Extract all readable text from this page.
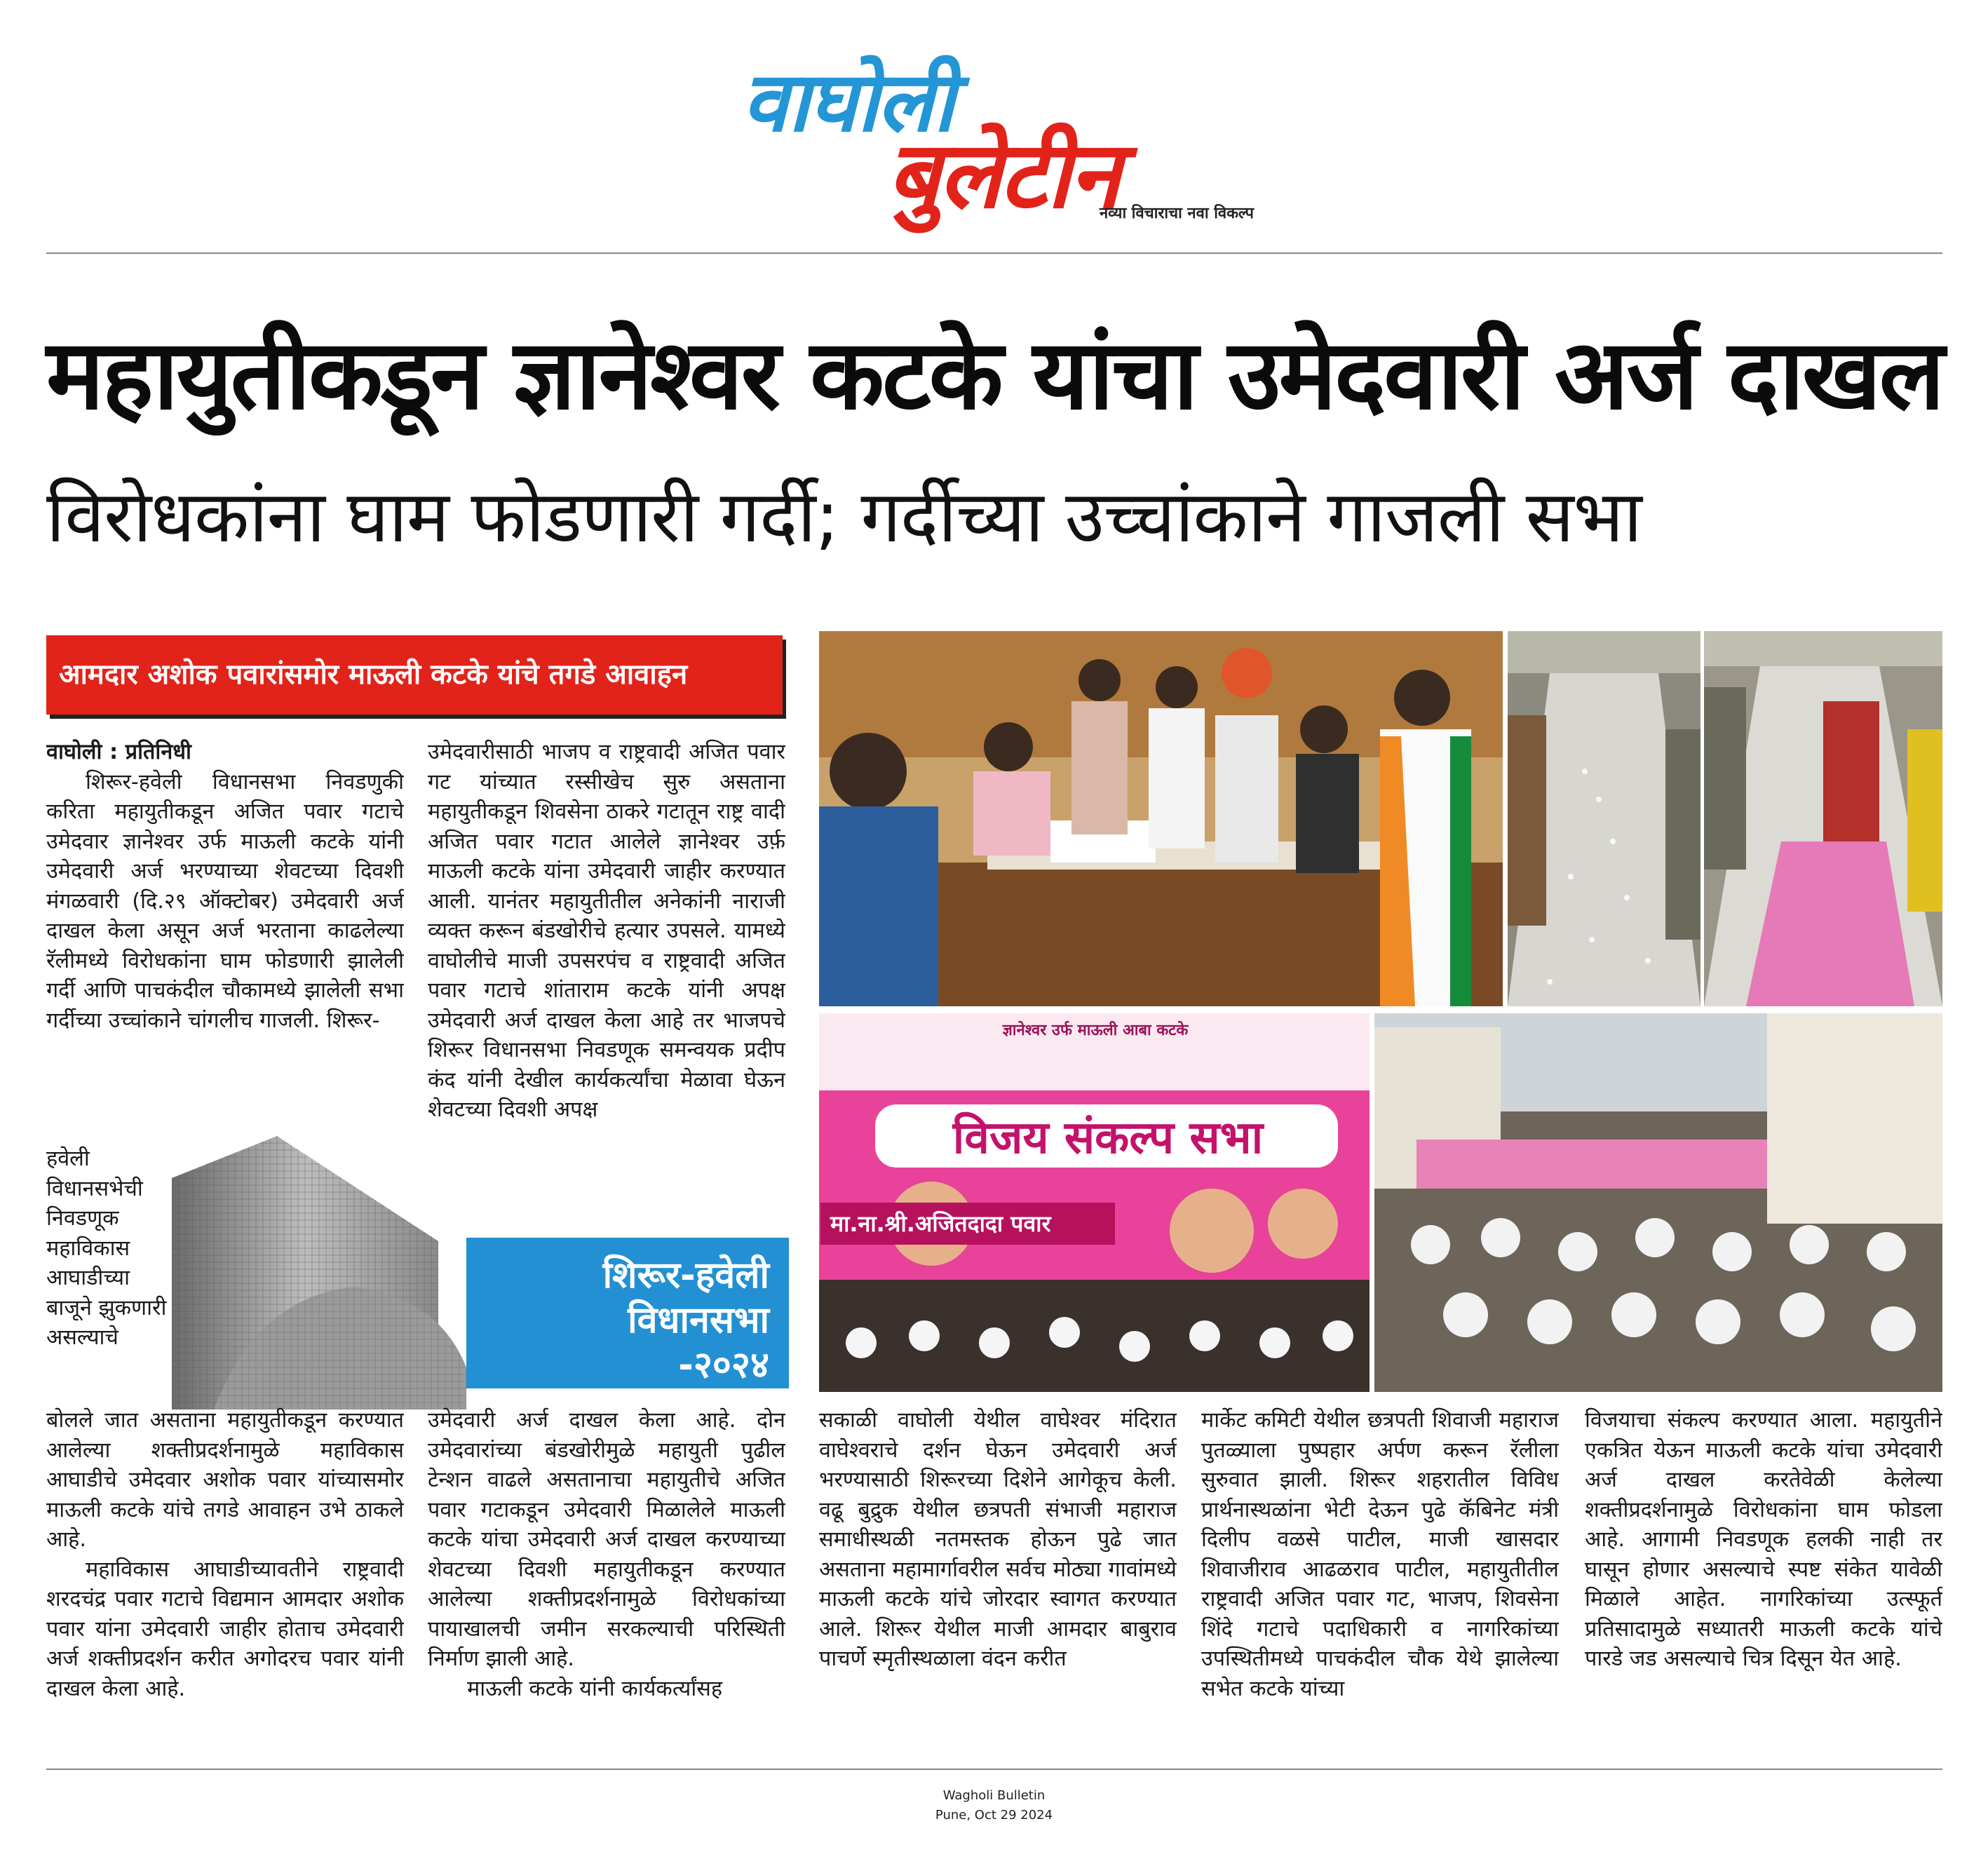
वाघोली
बुलेटीन
नव्या विचाराचा नवा विकल्प
महायुतीकडून ज्ञानेश्वर कटके यांचा उमेदवारी अर्ज दाखल
विरोधकांना घाम फोडणारी गर्दी; गर्दीच्या उच्चांकाने गाजली सभा
आमदार अशोक पवारांसमोर माऊली कटके यांचे तगडे आवाहन
वाघोली : प्रतिनिधी

शिरूर-हवेली विधानसभा निवडणुकी करिता महायुतीकडून अजित पवार गटाचे उमेदवार ज्ञानेश्वर उर्फ माऊली कटके यांनी उमेदवारी अर्ज भरण्याच्या शेवटच्या दिवशी मंगळवारी (दि.२९ ऑक्टोबर) उमेदवारी अर्ज दाखल केला असून अर्ज भरताना काढलेल्या रॅलीमध्ये विरोधकांना घाम फोडणारी झालेली गर्दी आणि पाचकंदील चौकामध्ये झालेली सभा गर्दीच्या उच्चांकाने चांगलीच गाजली. शिरूर-

हवेली विधानसभेची निवडणूक महाविकास आघाडीच्या बाजूने झुकणारी असल्याचे

उमेदवारीसाठी भाजप व राष्ट्रवादी अजित पवार गट यांच्यात रस्सीखेच सुरु असताना महायुतीकडून शिवसेना ठाकरे गटातून राष्ट्र वादी अजित पवार गटात आलेले ज्ञानेश्वर उर्फ़ माऊली कटके यांना उमेदवारी जाहीर करण्यात आली. यानंतर महायुतीतील अनेकांनी नाराजी व्यक्त करून बंडखोरीचे हत्यार उपसले. यामध्ये वाघोलीचे माजी उपसरपंच व राष्ट्रवादी अजित पवार गटाचे शांताराम कटके यांनी अपक्ष उमेदवारी अर्ज दाखल केला आहे तर भाजपचे शिरूर विधानसभा निवडणूक समन्वयक प्रदीप कंद यांनी देखील कार्यकर्त्यांचा मेळावा घेऊन शेवटच्या दिवशी अपक्ष

शिरूर-हवेली
विधानसभा
-२०२४
ज्ञानेश्वर उर्फ माऊली आबा कटके
विजय संकल्प सभा
मा.ना.श्री.अजितदादा पवार

बोलले जात असताना महायुतीकडून करण्यात आलेल्या शक्तीप्रदर्शनामुळे महाविकास आघाडीचे उमेदवार अशोक पवार यांच्यासमोर माऊली कटके यांचे तगडे आवाहन उभे ठाकले आहे.

महाविकास आघाडीच्यावतीने राष्ट्रवादी शरदचंद्र पवार गटाचे विद्यमान आमदार अशोक पवार यांना उमेदवारी जाहीर होताच उमेदवारी अर्ज शक्तीप्रदर्शन करीत अगोदरच पवार यांनी दाखल केला आहे.

उमेदवारी अर्ज दाखल केला आहे. दोन उमेदवारांच्या बंडखोरीमुळे महायुती पुढील टेन्शन वाढले असतानाचा महायुतीचे अजित पवार गटाकडून उमेदवारी मिळालेले माऊली कटके यांचा उमेदवारी अर्ज दाखल करण्याच्या शेवटच्या दिवशी महायुतीकडून करण्यात आलेल्या शक्तीप्रदर्शनामुळे विरोधकांच्या पायाखालची जमीन सरकल्याची परिस्थिती निर्माण झाली आहे.

माऊली कटके यांनी कार्यकर्त्यांसह

सकाळी वाघोली येथील वाघेश्वर मंदिरात वाघेश्वराचे दर्शन घेऊन उमेदवारी अर्ज भरण्यासाठी शिरूरच्या दिशेने आगेकूच केली. वढू बुद्रुक येथील छत्रपती संभाजी महाराज समाधीस्थळी नतमस्तक होऊन पुढे जात असताना महामार्गावरील सर्वच मोठ्या गावांमध्ये माऊली कटके यांचे जोरदार स्वागत करण्यात आले. शिरूर येथील माजी आमदार बाबुराव पाचर्णे स्मृतीस्थळाला वंदन करीत

मार्केट कमिटी येथील छत्रपती शिवाजी महाराज पुतळ्याला पुष्पहार अर्पण करून रॅलीला सुरुवात झाली. शिरूर शहरातील विविध प्रार्थनास्थळांना भेटी देऊन पुढे कॅबिनेट मंत्री दिलीप वळसे पाटील, माजी खासदार शिवाजीराव आढळराव पाटील, महायुतीतील राष्ट्रवादी अजित पवार गट, भाजप, शिवसेना शिंदे गटाचे पदाधिकारी व नागरिकांच्या उपस्थितीमध्ये पाचकंदील चौक येथे झालेल्या सभेत कटके यांच्या

विजयाचा संकल्प करण्यात आला. महायुतीने एकत्रित येऊन माऊली कटके यांचा उमेदवारी अर्ज दाखल करतेवेळी केलेल्या शक्तीप्रदर्शनामुळे विरोधकांना घाम फोडला आहे. आगामी निवडणूक हलकी नाही तर घासून होणार असल्याचे स्पष्ट संकेत यावेळी मिळाले आहेत. नागरिकांच्या उत्स्फूर्त प्रतिसादामुळे सध्यातरी माऊली कटके यांचे पारडे जड असल्याचे चित्र दिसून येत आहे.

Wagholi Bulletin
Pune, Oct 29 2024
